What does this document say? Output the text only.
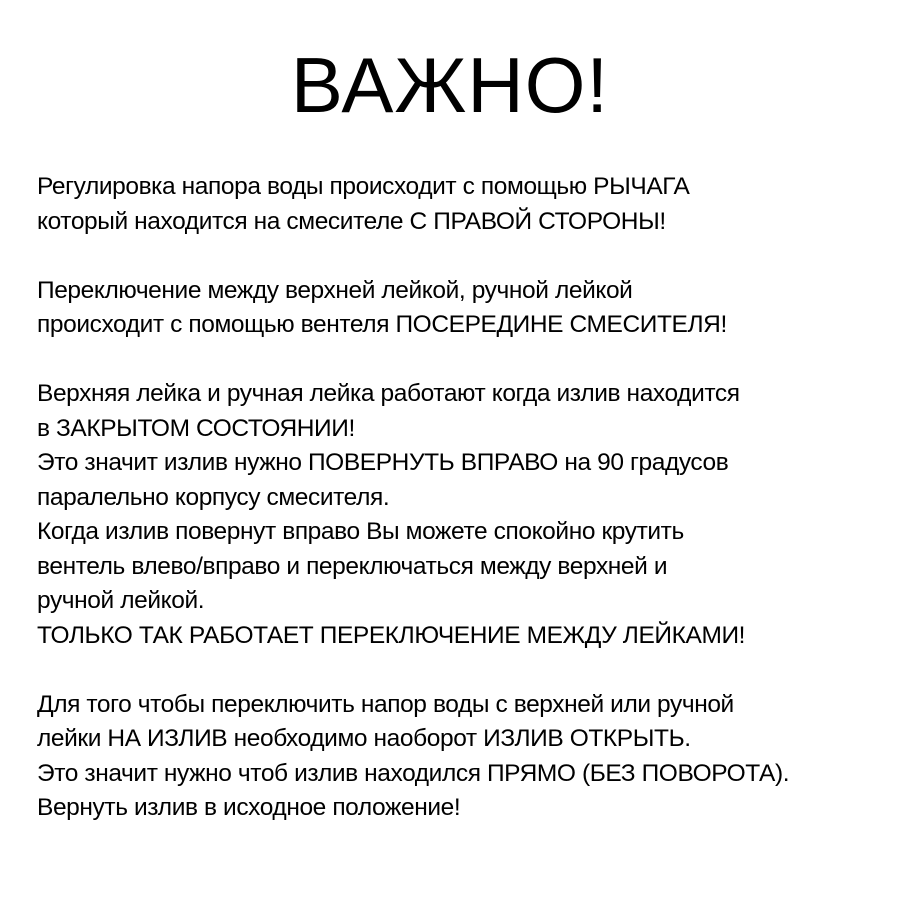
ВАЖНО!
Регулировка напора воды происходит с помощью РЫЧАГА
который находится на смесителе С ПРАВОЙ СТОРОНЫ!
Переключение между верхней лейкой, ручной лейкой
происходит с помощью вентеля ПОСЕРЕДИНЕ СМЕСИТЕЛЯ!
Верхняя лейка и ручная лейка работают когда излив находится
в ЗАКРЫТОМ СОСТОЯНИИ!
Это значит излив нужно ПОВЕРНУТЬ ВПРАВО на 90 градусов
паралельно корпусу смесителя.
Когда излив повернут вправо Вы можете спокойно крутить
вентель влево/вправо и переключаться между верхней и
ручной лейкой.
ТОЛЬКО ТАК РАБОТАЕТ ПЕРЕКЛЮЧЕНИЕ МЕЖДУ ЛЕЙКАМИ!
Для того чтобы переключить напор воды с верхней или ручной
лейки НА ИЗЛИВ необходимо наоборот ИЗЛИВ ОТКРЫТЬ.
Это значит нужно чтоб излив находился ПРЯМО (БЕЗ ПОВОРОТА).
Вернуть излив в исходное положение!
